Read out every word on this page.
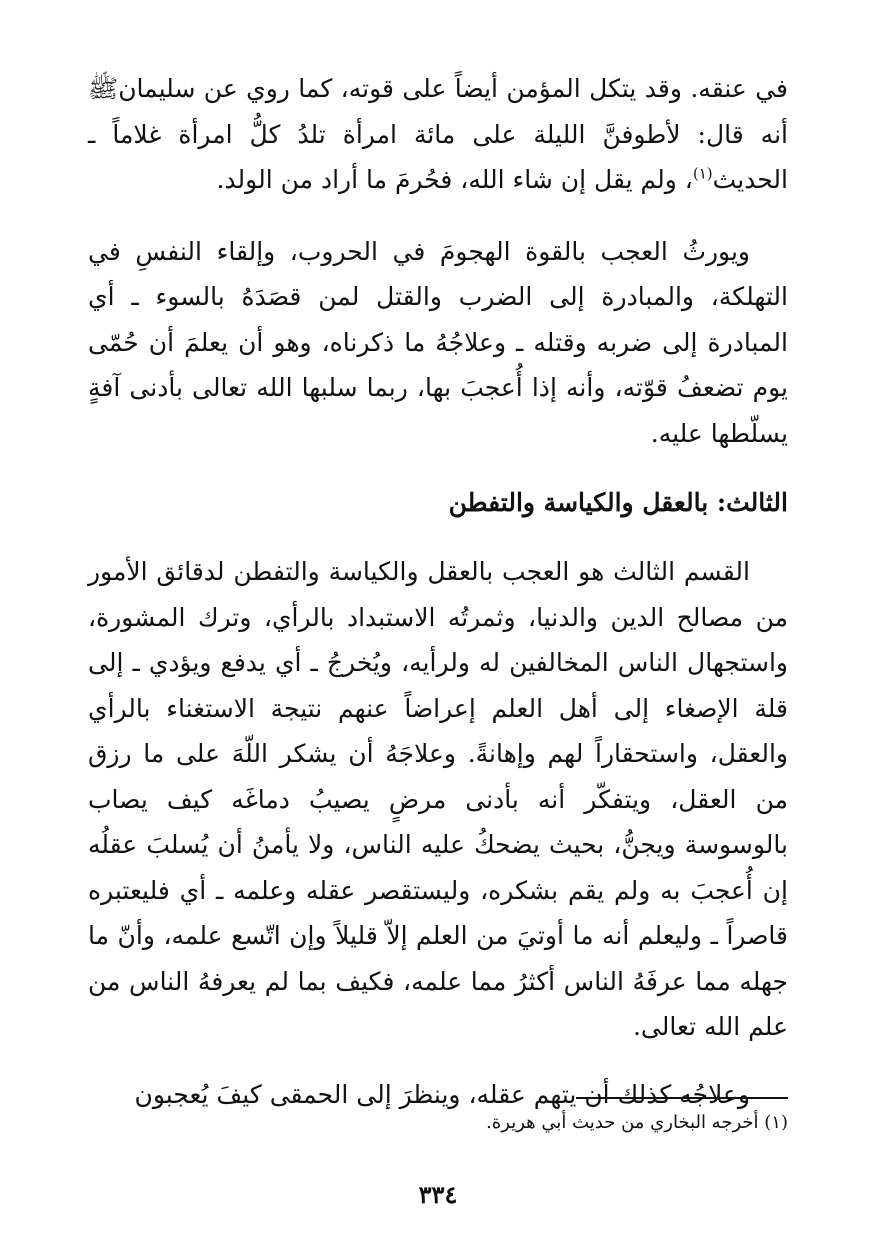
في عنقه. وقد يتكل المؤمن أيضاً على قوته، كما روي عن سليمانﷺ أنه قال: لأطوفنَّ الليلة على مائة امرأة تلدُ كلُّ امرأة غلاماً ـ الحديث$^{(١)}$، ولم يقل إن شاء الله، فحُرمَ ما أراد من الولد.

ويورثُ العجب بالقوة الهجومَ في الحروب، وإلقاء النفسِ في التهلكة، والمبادرة إلى الضرب والقتل لمن قصَدَهُ بالسوء ـ أي المبادرة إلى ضربه وقتله ـ وعلاجُهُ ما ذكرناه، وهو أن يعلمَ أن حُمّى يوم تضعفُ قوّته، وأنه إذا أُعجبَ بها، ربما سلبها الله تعالى بأدنى آفةٍ يسلّطها عليه.

الثالث: بالعقل والكياسة والتفطن

القسم الثالث هو العجب بالعقل والكياسة والتفطن لدقائق الأمور من مصالح الدين والدنيا، وثمرتُه الاستبداد بالرأي، وترك المشورة، واستجهال الناس المخالفين له ولرأيه، ويُخرجُ ـ أي يدفع ويؤدي ـ إلى قلة الإصغاء إلى أهل العلم إعراضاً عنهم نتيجة الاستغناء بالرأي والعقل، واستحقاراً لهم وإهانةً. وعلاجَهُ أن يشكر اللّهَ على ما رزق من العقل، ويتفكّر أنه بأدنى مرضٍ يصيبُ دماغَه كيف يصاب بالوسوسة ويجنُّ، بحيث يضحكُ عليه الناس، ولا يأمنُ أن يُسلبَ عقلُه إن أُعجبَ به ولم يقم بشكره، وليستقصر عقله وعلمه ـ أي فليعتبره قاصراً ـ وليعلم أنه ما أوتيَ من العلم إلاّ قليلاً وإن اتّسع علمه، وأنّ ما جهله مما عرفَهُ الناس أكثرُ مما علمه، فكيف بما لم يعرفهُ الناس من علم الله تعالى.

وعلاجُه كذلك أن يتهم عقله، وينظرَ إلى الحمقى كيفَ يُعجبون

(١) أخرجه البخاري من حديث أبي هريرة.
٣٣٤
